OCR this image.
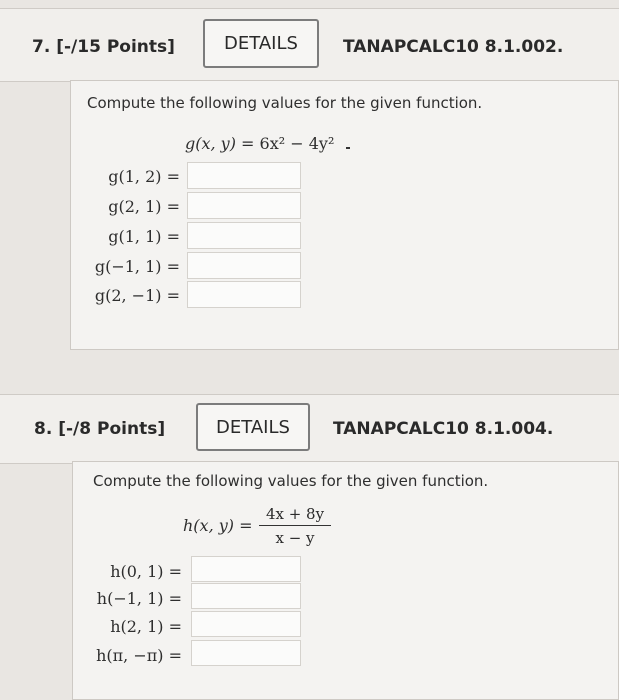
7. [-/15 Points]	DETAILS	TANAPCALC10 8.1.002.
Compute the following values for the given function.
g(x, y) = 6x² − 4y²
g(1, 2) =
g(2, 1) =
g(1, 1) =
g(−1, 1) =
g(2, −1) =
8. [-/8 Points]	DETAILS	TANAPCALC10 8.1.004.
Compute the following values for the given function.
h(x, $y) = \frac{4x + 8y}{x - y}$
h(0, 1) =
h(−1, 1) =
h(2, 1) =
h(π, −π) =
